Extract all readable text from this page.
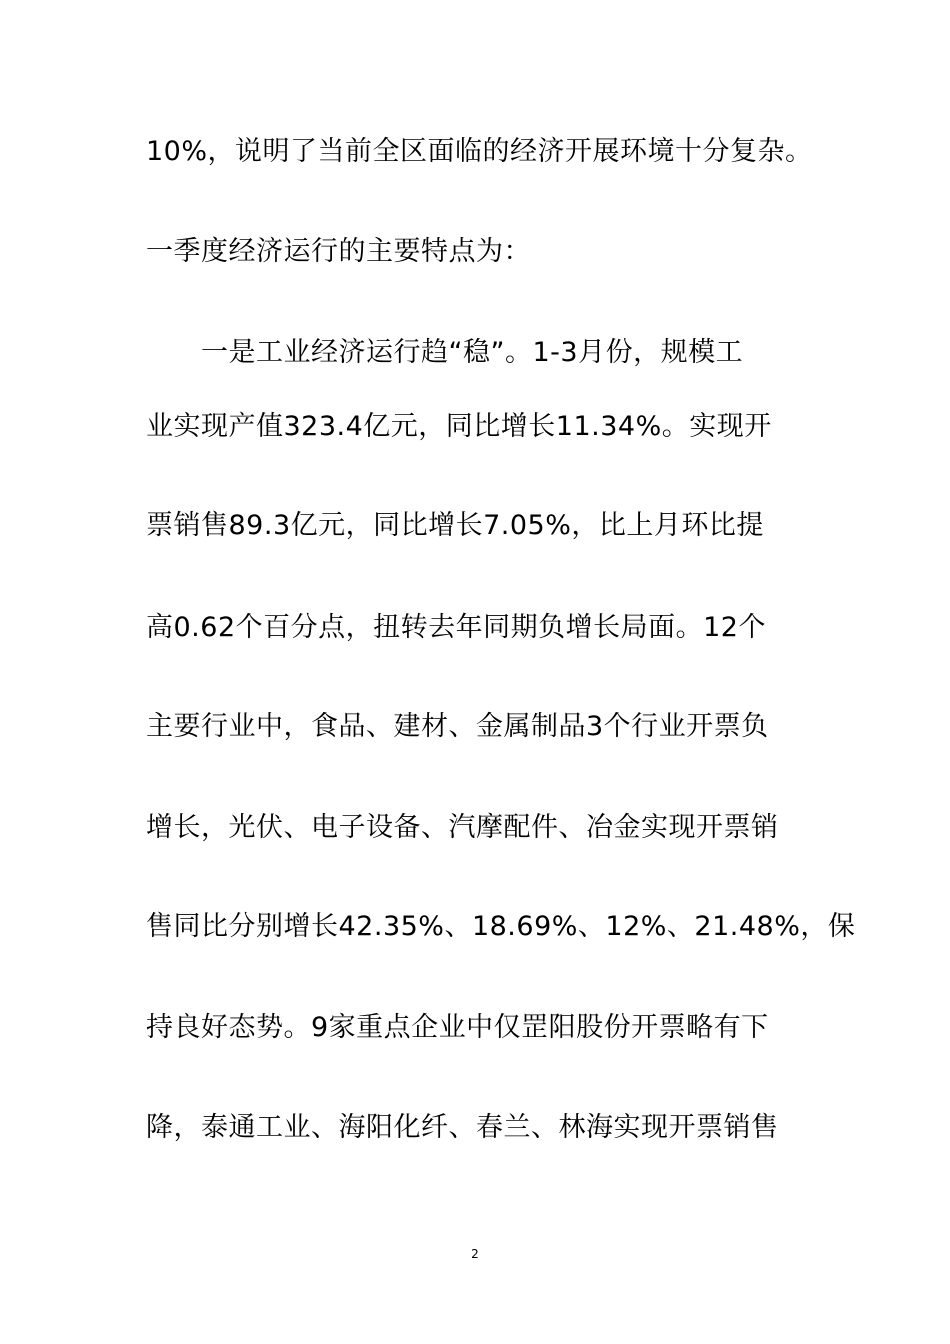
10%，说明了当前全区面临的经济开展环境十分复杂。
一季度经济运行的主要特点为：
　　一是工业经济运行趋“稳”。1-3月份，规模工
业实现产值323.4亿元，同比增长11.34%。实现开
票销售89.3亿元，同比增长7.05%，比上月环比提
高0.62个百分点，扭转去年同期负增长局面。12个
主要行业中，食品、建材、金属制品3个行业开票负
增长，光伏、电子设备、汽摩配件、冶金实现开票销
售同比分别增长42.35%、18.69%、12%、21.48%，保
持良好态势。9家重点企业中仅罡阳股份开票略有下
降，泰通工业、海阳化纤、春兰、林海实现开票销售
2
